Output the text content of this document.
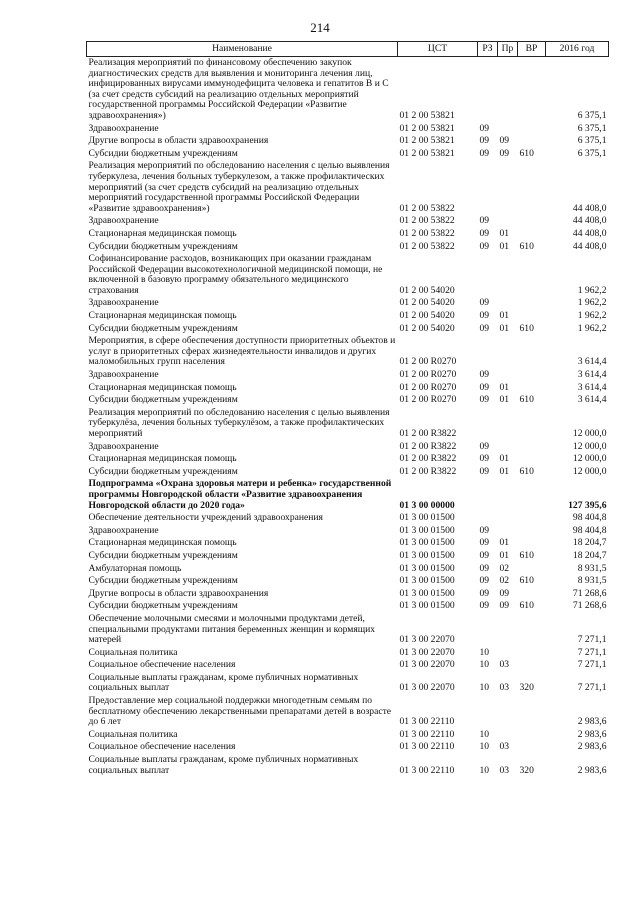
214
Наименование	ЦСТ	РЗ	Пр	ВР	2016 год
Реализация мероприятий по финансовому обеспечению закупок диагностических средств для выявления и мониторинга лечения лиц, инфицированных вирусами иммунодефицита человека и гепатитов В и С (за счет средств субсидий на реализацию отдельных мероприятий государственной программы Российской Федерации «Развитие здравоохранения»)	01 2 00 53821				6 375,1
Здравоохранение	01 2 00 53821	09			6 375,1
Другие вопросы в области здравоохранения	01 2 00 53821	09	09		6 375,1
Субсидии бюджетным учреждениям	01 2 00 53821	09	09	610	6 375,1
Реализация мероприятий по обследованию населения с целью выявления туберкулеза, лечения больных туберкулезом, а также профилактических мероприятий (за счет средств субсидий на реализацию отдельных мероприятий государственной программы Российской Федерации «Развитие здравоохранения»)	01 2 00 53822				44 408,0
Здравоохранение	01 2 00 53822	09			44 408,0
Стационарная медицинская помощь	01 2 00 53822	09	01		44 408,0
Субсидии бюджетным учреждениям	01 2 00 53822	09	01	610	44 408,0
Софинансирование расходов, возникающих при оказании гражданам Российской Федерации высокотехнологичной медицинской помощи, не включенной в базовую программу обязательного медицинского страхования	01 2 00 54020				1 962,2
Здравоохранение	01 2 00 54020	09			1 962,2
Стационарная медицинская помощь	01 2 00 54020	09	01		1 962,2
Субсидии бюджетным учреждениям	01 2 00 54020	09	01	610	1 962,2
Мероприятия, в сфере обеспечения доступности приоритетных объектов и услуг в приоритетных сферах жизнедеятельности инвалидов и других маломобильных групп населения	01 2 00 R0270				3 614,4
Здравоохранение	01 2 00 R0270	09			3 614,4
Стационарная медицинская помощь	01 2 00 R0270	09	01		3 614,4
Субсидии бюджетным учреждениям	01 2 00 R0270	09	01	610	3 614,4
Реализация мероприятий по обследованию населения с целью выявления туберкулёза, лечения больных туберкулёзом, а также профилактических мероприятий	01 2 00 R3822				12 000,0
Здравоохранение	01 2 00 R3822	09			12 000,0
Стационарная медицинская помощь	01 2 00 R3822	09	01		12 000,0
Субсидии бюджетным учреждениям	01 2 00 R3822	09	01	610	12 000,0
Подпрограмма «Охрана здоровья матери и ребенка» государственной программы Новгородской области «Развитие здравоохранения Новгородской области до 2020 года»	01 3 00 00000				127 395,6
Обеспечение деятельности учреждений здравоохранения	01 3 00 01500				98 404,8
Здравоохранение	01 3 00 01500	09			98 404,8
Стационарная медицинская помощь	01 3 00 01500	09	01		18 204,7
Субсидии бюджетным учреждениям	01 3 00 01500	09	01	610	18 204,7
Амбулаторная помощь	01 3 00 01500	09	02		8 931,5
Субсидии бюджетным учреждениям	01 3 00 01500	09	02	610	8 931,5
Другие вопросы в области здравоохранения	01 3 00 01500	09	09		71 268,6
Субсидии бюджетным учреждениям	01 3 00 01500	09	09	610	71 268,6
Обеспечение молочными смесями и молочными продуктами детей, специальными продуктами питания беременных женщин и кормящих матерей	01 3 00 22070				7 271,1
Социальная политика	01 3 00 22070	10			7 271,1
Социальное обеспечение населения	01 3 00 22070	10	03		7 271,1
Социальные выплаты гражданам, кроме публичных нормативных социальных выплат	01 3 00 22070	10	03	320	7 271,1
Предоставление мер социальной поддержки многодетным семьям по бесплатному обеспечению лекарственными препаратами детей в возрасте до 6 лет	01 3 00 22110				2 983,6
Социальная политика	01 3 00 22110	10			2 983,6
Социальное обеспечение населения	01 3 00 22110	10	03		2 983,6
Социальные выплаты гражданам, кроме публичных нормативных социальных выплат	01 3 00 22110	10	03	320	2 983,6
